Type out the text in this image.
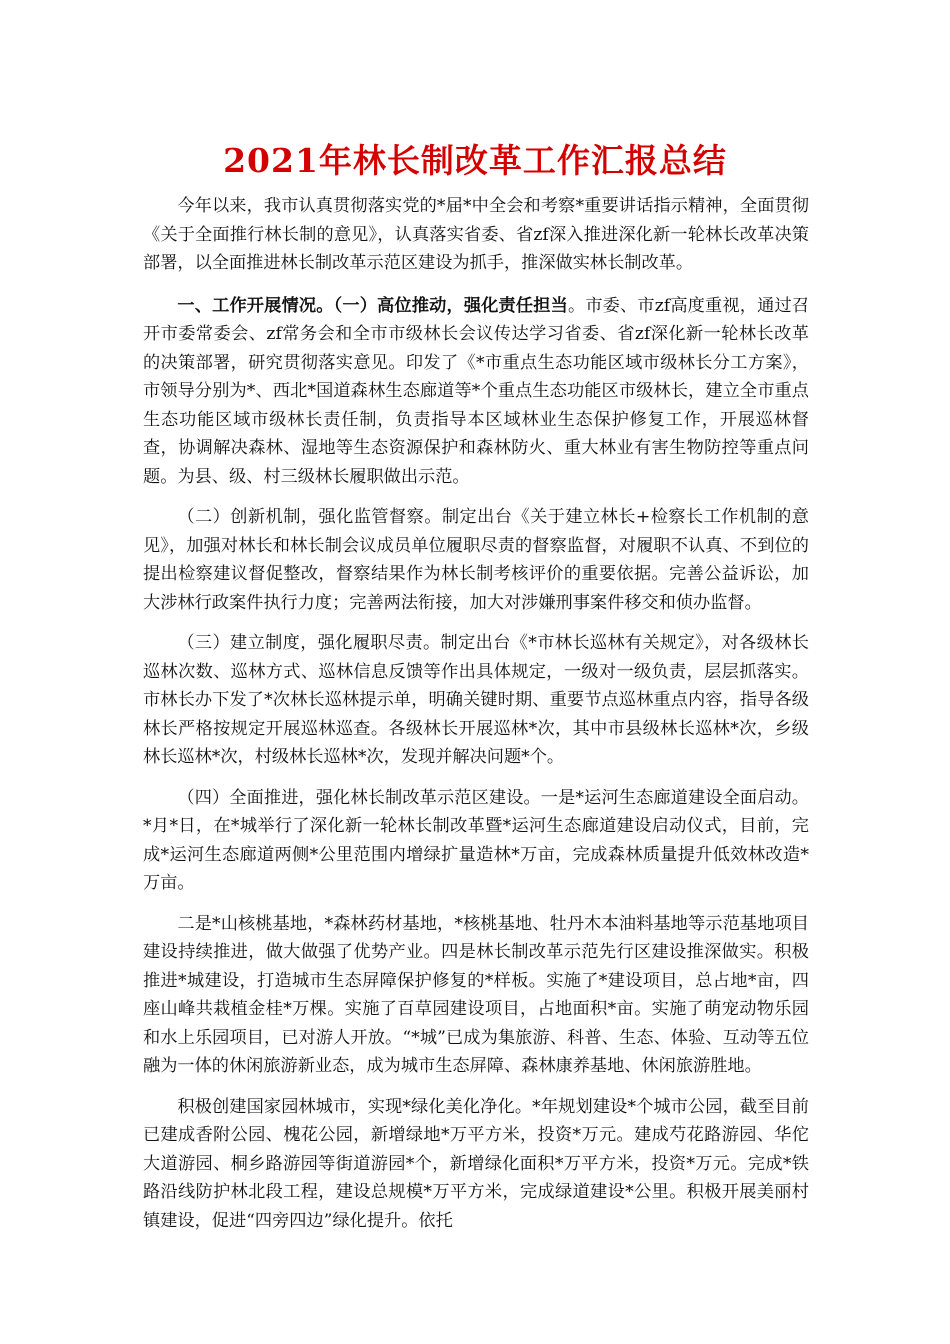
2021年林长制改革工作汇报总结

今年以来，我市认真贯彻落实党的*届*中全会和考察*重要讲话指示精神，全面贯彻《关于全面推行林长制的意见》，认真落实省委、省zf深入推进深化新一轮林长改革决策部署，以全面推进林长制改革示范区建设为抓手，推深做实林长制改革。

一、工作开展情况。（一）高位推动，强化责任担当。市委、市zf高度重视，通过召开市委常委会、zf常务会和全市市级林长会议传达学习省委、省zf深化新一轮林长改革的决策部署，研究贯彻落实意见。印发了《*市重点生态功能区域市级林长分工方案》，市领导分别为*、西北*国道森林生态廊道等*个重点生态功能区市级林长，建立全市重点生态功能区域市级林长责任制，负责指导本区域林业生态保护修复工作，开展巡林督查，协调解决森林、湿地等生态资源保护和森林防火、重大林业有害生物防控等重点问题。为县、级、村三级林长履职做出示范。

（二）创新机制，强化监管督察。制定出台《关于建立林长+检察长工作机制的意见》，加强对林长和林长制会议成员单位履职尽责的督察监督，对履职不认真、不到位的提出检察建议督促整改，督察结果作为林长制考核评价的重要依据。完善公益诉讼，加大涉林行政案件执行力度；完善两法衔接，加大对涉嫌刑事案件移交和侦办监督。

（三）建立制度，强化履职尽责。制定出台《*市林长巡林有关规定》，对各级林长巡林次数、巡林方式、巡林信息反馈等作出具体规定，一级对一级负责，层层抓落实。市林长办下发了*次林长巡林提示单，明确关键时期、重要节点巡林重点内容，指导各级林长严格按规定开展巡林巡查。各级林长开展巡林*次，其中市县级林长巡林*次，乡级林长巡林*次，村级林长巡林*次，发现并解决问题*个。

（四）全面推进，强化林长制改革示范区建设。一是*运河生态廊道建设全面启动。*月*日，在*城举行了深化新一轮林长制改革暨*运河生态廊道建设启动仪式，目前，完成*运河生态廊道两侧*公里范围内增绿扩量造林*万亩，完成森林质量提升低效林改造*万亩。

二是*山核桃基地，*森林药材基地，*核桃基地、牡丹木本油料基地等示范基地项目建设持续推进，做大做强了优势产业。四是林长制改革示范先行区建设推深做实。积极推进*城建设，打造城市生态屏障保护修复的*样板。实施了*建设项目，总占地*亩，四座山峰共栽植金桂*万棵。实施了百草园建设项目，占地面积*亩。实施了萌宠动物乐园和水上乐园项目，已对游人开放。“*城”已成为集旅游、科普、生态、体验、互动等五位融为一体的休闲旅游新业态，成为城市生态屏障、森林康养基地、休闲旅游胜地。

积极创建国家园林城市，实现*绿化美化净化。*年规划建设*个城市公园，截至目前已建成香附公园、槐花公园，新增绿地*万平方米，投资*万元。建成芍花路游园、华佗大道游园、桐乡路游园等街道游园*个，新增绿化面积*万平方米，投资*万元。完成*铁路沿线防护林北段工程，建设总规模*万平方米，完成绿道建设*公里。积极开展美丽村镇建设，促进“四旁四边”绿化提升。依托
